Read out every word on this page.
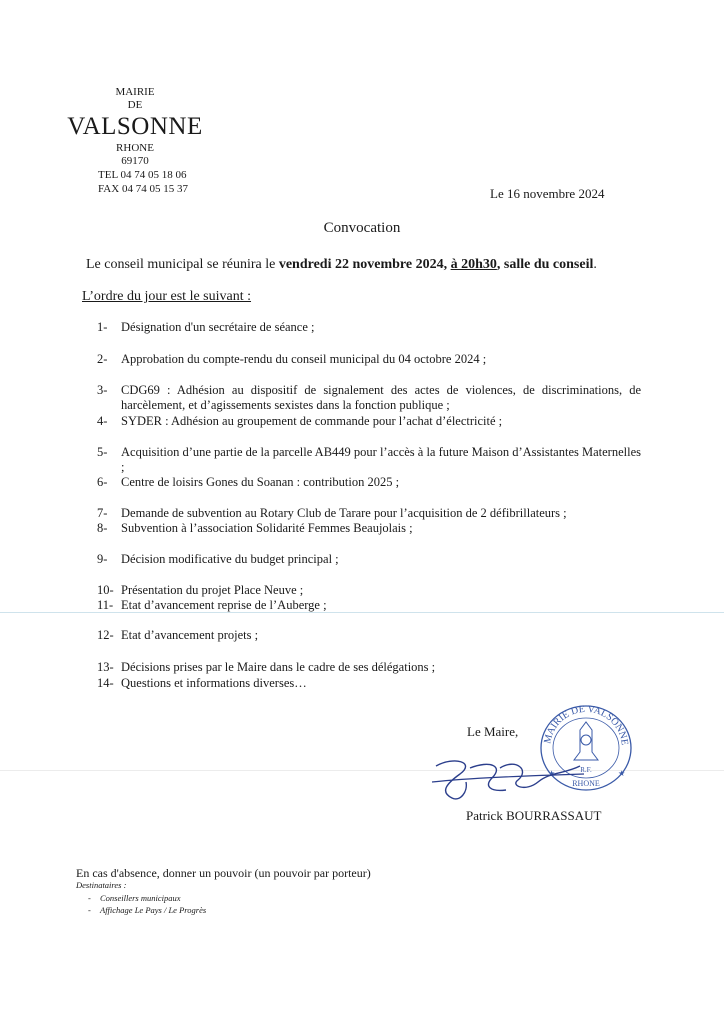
MAIRIE
DE
VALSONNE
RHONE
69170
TEL 04 74 05 18 06
FAX 04 74 05 15 37	Le 16 novembre 2024
Convocation
Le conseil municipal se réunira le vendredi 22 novembre 2024, à 20h30, salle du conseil.
L’ordre du jour est le suivant :
1- Désignation d'un secrétaire de séance ;
2- Approbation du compte-rendu du conseil municipal du 04 octobre 2024 ;
3- CDG69 : Adhésion au dispositif de signalement des actes de violences, de discriminations, de harcèlement, et d’agissements sexistes dans la fonction publique ;
4- SYDER : Adhésion au groupement de commande pour l’achat d’électricité ;
5- Acquisition d’une partie de la parcelle AB449 pour l’accès à la future Maison d’Assistantes Maternelles ;
6- Centre de loisirs Gones du Soanan : contribution 2025 ;
7- Demande de subvention au Rotary Club de Tarare pour l’acquisition de 2 défibrillateurs ;
8- Subvention à l’association Solidarité Femmes Beaujolais ;
9- Décision modificative du budget principal ;
10- Présentation du projet Place Neuve ;
11- Etat d’avancement reprise de l’Auberge ;
12- Etat d’avancement projets ;
13- Décisions prises par le Maire dans le cadre de ses délégations ;
14- Questions et informations diverses…
Le Maire,
MAIRIE DE VALSONNE
R.F.
RHONE
★	★
Patrick BOURRASSAUT
En cas d'absence, donner un pouvoir (un pouvoir par porteur)
Destinataires :
- Conseillers municipaux
- Affichage Le Pays / Le Progrès
